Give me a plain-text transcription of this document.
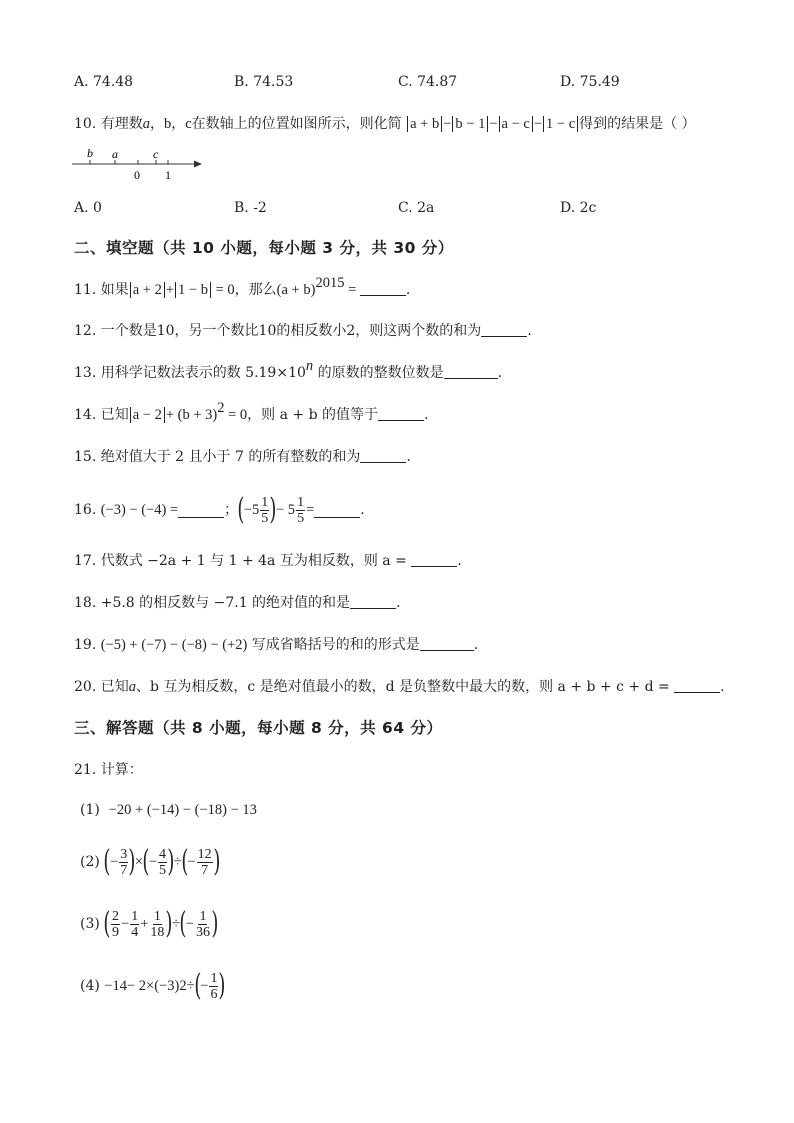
A. 74.48	B. 74.53	C. 74.87	D. 75.49
10. 有理数a，b，c在数轴上的位置如图所示，则化简 a + b − b − 1 − a − c − 1 − c 得到的结果是（ ）
b a	c
0 1
A. 0	B. -2	C. 2a	D. 2c
二、填空题（共 10 小题，每小题 3 分，共 30 分）
11. 如果 a + 2 + 1 − b = 0，那么$(a + b)^{2015}$ =	.
12. 一个数是10，另一个数比10的相反数小2，则这两个数的和为	.
13. 用科学记数法表示的数 $5.19\times 10^n$ 的原数的整数位数是	.
14. 已知 $a - 2 + (b + 3)^2 = 0$，则 a + b 的值等于	.
15. 绝对值大于 2 且小于 7 的所有整数的和为	.
16.
(−3) − (−4) =	； ( $-5 \frac{1}{5}$ ) − $5 \frac{1}{5}$ =	.
17. 代数式 −2a + 1 与 1 + 4a 互为相反数，则 a =	.
18. +5.8 的相反数与 −7.1 的绝对值的和是	.
19. (−5) + (−7) − (−8) − (+2) 写成省略括号的和的形式是	.
20. 已知a、b 互为相反数，c 是绝对值最小的数，d 是负整数中最大的数，则 a + b + c + d =	.
三、解答题（共 8 小题，每小题 8 分，共 64 分）
21. 计算：
(1) −20 + (−14) − (−18) − 13
(2)
( − $\frac{3}{7}$ ) × ( − $\frac{4}{5}$ ) ÷ ( − $\frac{12}{7}$ )
(3)
( $\frac{2}{9} - \frac{1}{4} + \frac{1}{18}$ ) ÷ ( − $\frac{1}{36}$ )
(4)
−1 4 − 2×(−3) 2 ÷ ( − $\frac{1}{6}$ )
